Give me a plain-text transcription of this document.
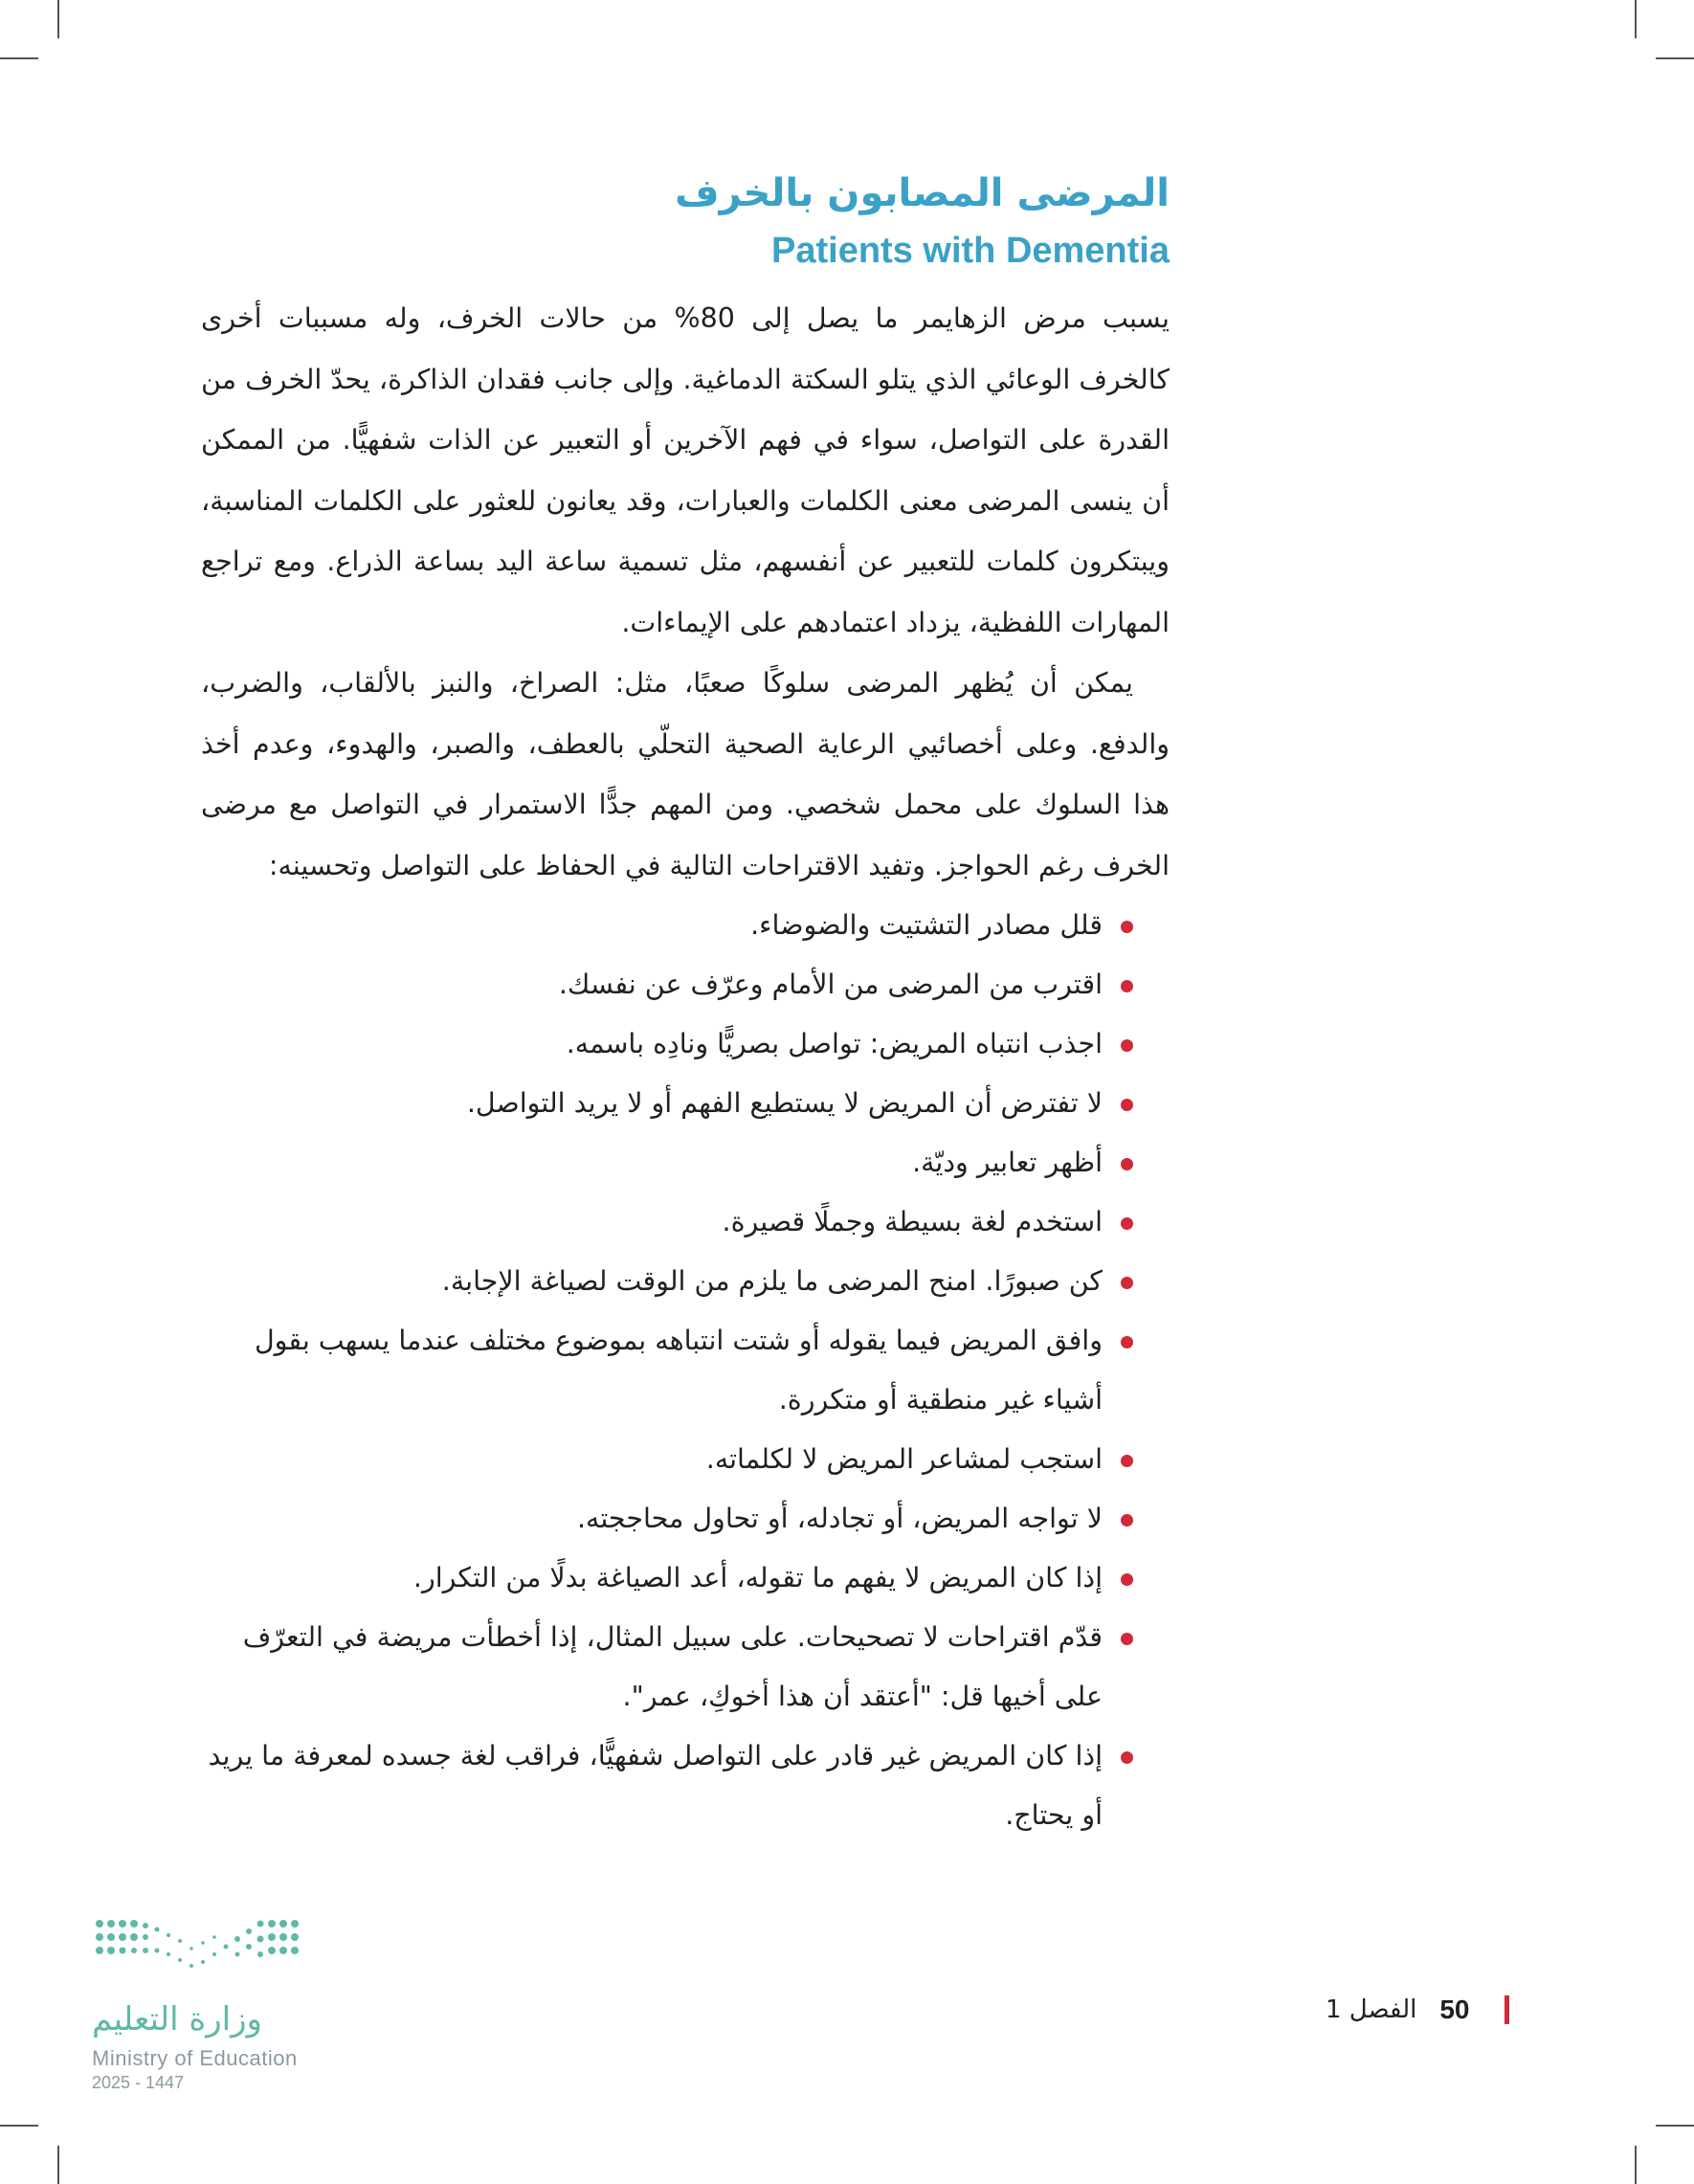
المرضى المصابون بالخرف
Patients with Dementia

يسبب مرض الزهايمر ما يصل إلى 80% من حالات الخرف، وله مسببات أخرى كالخرف الوعائي الذي يتلو السكتة الدماغية. وإلى جانب فقدان الذاكرة، يحدّ الخرف من القدرة على التواصل، سواء في فهم الآخرين أو التعبير عن الذات شفهيًّا. من الممكن أن ينسى المرضى معنى الكلمات والعبارات، وقد يعانون للعثور على الكلمات المناسبة، ويبتكرون كلمات للتعبير عن أنفسهم، مثل تسمية ساعة اليد بساعة الذراع. ومع تراجع المهارات اللفظية، يزداد اعتمادهم على الإيماءات.

يمكن أن يُظهر المرضى سلوكًا صعبًا، مثل: الصراخ، والنبز بالألقاب، والضرب، والدفع. وعلى أخصائيي الرعاية الصحية التحلّي بالعطف، والصبر، والهدوء، وعدم أخذ هذا السلوك على محمل شخصي. ومن المهم جدًّا الاستمرار في التواصل مع مرضى الخرف رغم الحواجز. وتفيد الاقتراحات التالية في الحفاظ على التواصل وتحسينه:

قلل مصادر التشتيت والضوضاء.
اقترب من المرضى من الأمام وعرّف عن نفسك.
اجذب انتباه المريض: تواصل بصريًّا ونادِه باسمه.
لا تفترض أن المريض لا يستطيع الفهم أو لا يريد التواصل.
أظهر تعابير وديّة.
استخدم لغة بسيطة وجملًا قصيرة.
كن صبورًا. امنح المرضى ما يلزم من الوقت لصياغة الإجابة.
وافق المريض فيما يقوله أو شتت انتباهه بموضوع مختلف عندما يسهب بقول أشياء غير منطقية أو متكررة.
استجب لمشاعر المريض لا لكلماته.
لا تواجه المريض، أو تجادله، أو تحاول محاججته.
إذا كان المريض لا يفهم ما تقوله، أعد الصياغة بدلًا من التكرار.
قدّم اقتراحات لا تصحيحات. على سبيل المثال، إذا أخطأت مريضة في التعرّف على أخيها قل: "أعتقد أن هذا أخوكِ، عمر".
إذا كان المريض غير قادر على التواصل شفهيًّا، فراقب لغة جسده لمعرفة ما يريد أو يحتاج.
وزارة التعليم
Ministry of Education
2025 - 1447
الفصل 1 50
